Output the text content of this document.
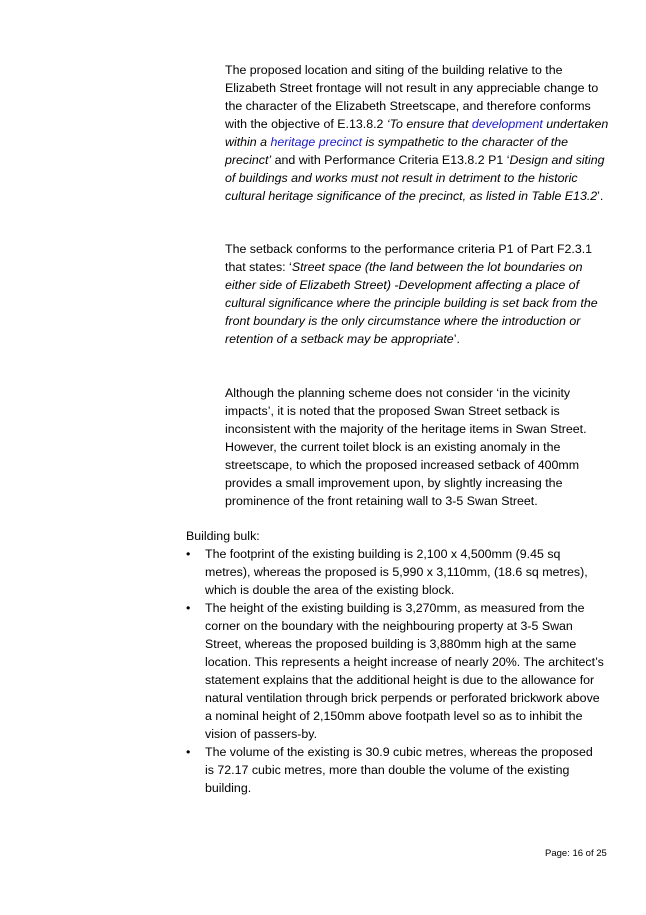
The proposed location and siting of the building relative to the Elizabeth Street frontage will not result in any appreciable change to the character of the Elizabeth Streetscape, and therefore conforms with the objective of E.13.8.2 ‘To ensure that development undertaken within a heritage precinct is sympathetic to the character of the precinct’ and with Performance Criteria E13.8.2 P1 ‘Design and siting of buildings and works must not result in detriment to the historic cultural heritage significance of the precinct, as listed in Table E13.2’.
The setback conforms to the performance criteria P1 of Part F2.3.1 that states: ‘Street space (the land between the lot boundaries on either side of Elizabeth Street) -Development affecting a place of cultural significance where the principle building is set back from the front boundary is the only circumstance where the introduction or retention of a setback may be appropriate’.
Although the planning scheme does not consider ‘in the vicinity impacts’, it is noted that the proposed Swan Street setback is inconsistent with the majority of the heritage items in Swan Street. However, the current toilet block is an existing anomaly in the streetscape, to which the proposed increased setback of 400mm provides a small improvement upon, by slightly increasing the prominence of the front retaining wall to 3-5 Swan Street.
Building bulk:
• The footprint of the existing building is 2,100 x 4,500mm (9.45 sq metres), whereas the proposed is 5,990 x 3,110mm, (18.6 sq metres), which is double the area of the existing block.
• The height of the existing building is 3,270mm, as measured from the corner on the boundary with the neighbouring property at 3-5 Swan Street, whereas the proposed building is 3,880mm high at the same location. This represents a height increase of nearly 20%. The architect’s statement explains that the additional height is due to the allowance for natural ventilation through brick perpends or perforated brickwork above a nominal height of 2,150mm above footpath level so as to inhibit the vision of passers-by.
• The volume of the existing is 30.9 cubic metres, whereas the proposed is 72.17 cubic metres, more than double the volume of the existing building.
Page: 16 of 25
